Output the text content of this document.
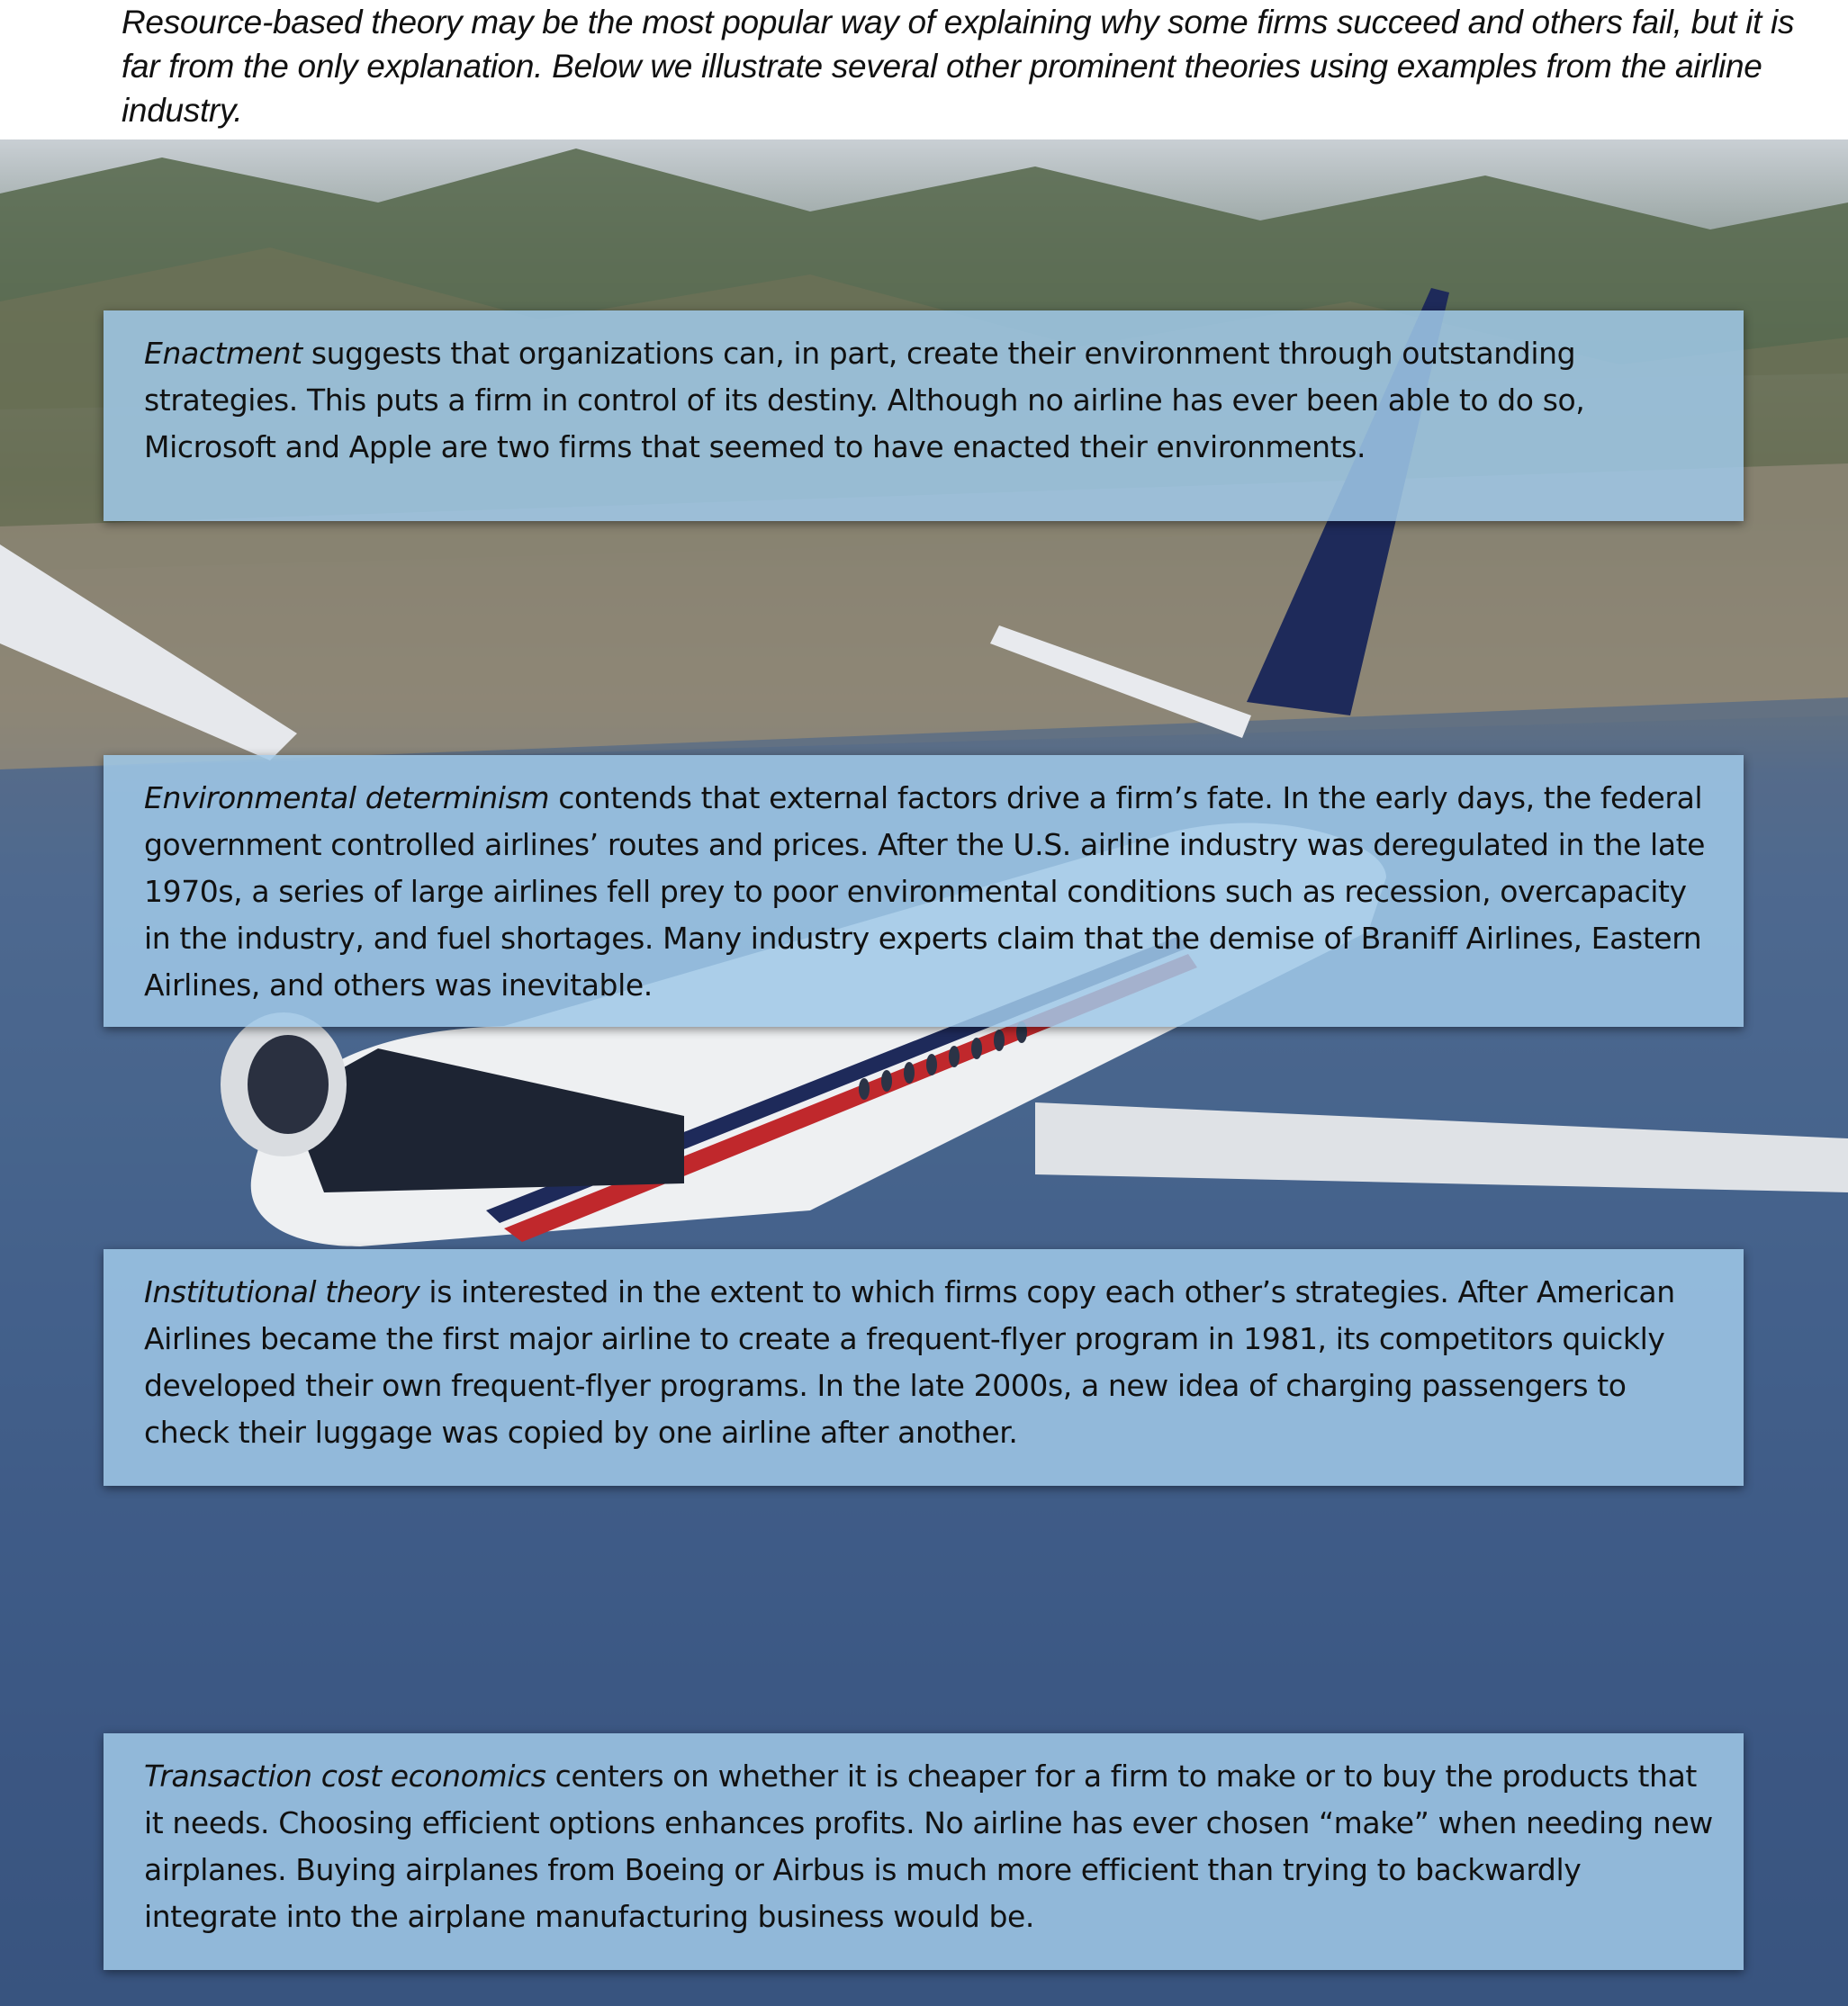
Resource-based theory may be the most popular way of explaining why some firms succeed and others fail, but it is far from the only explanation. Below we illustrate several other prominent theories using examples from the airline industry.
Enactment suggests that organizations can, in part, create their environment through outstanding strategies. This puts a firm in control of its destiny. Although no airline has ever been able to do so, Microsoft and Apple are two firms that seemed to have enacted their environments.
Environmental determinism contends that external factors drive a firm’s fate. In the early days, the federal government controlled airlines’ routes and prices. After the U.S. airline industry was deregulated in the late 1970s, a series of large airlines fell prey to poor environmental conditions such as recession, overcapacity in the industry, and fuel shortages. Many industry experts claim that the demise of Braniff Airlines, Eastern Airlines, and others was inevitable.
Institutional theory is interested in the extent to which firms copy each other’s strategies. After American Airlines became the first major airline to create a frequent-flyer program in 1981, its competitors quickly developed their own frequent-flyer programs. In the late 2000s, a new idea of charging passengers to check their luggage was copied by one airline after another.
Transaction cost economics centers on whether it is cheaper for a firm to make or to buy the products that it needs. Choosing efficient options enhances profits. No airline has ever chosen “make” when needing new airplanes. Buying airplanes from Boeing or Airbus is much more efficient than trying to backwardly integrate into the airplane manufacturing business would be.
